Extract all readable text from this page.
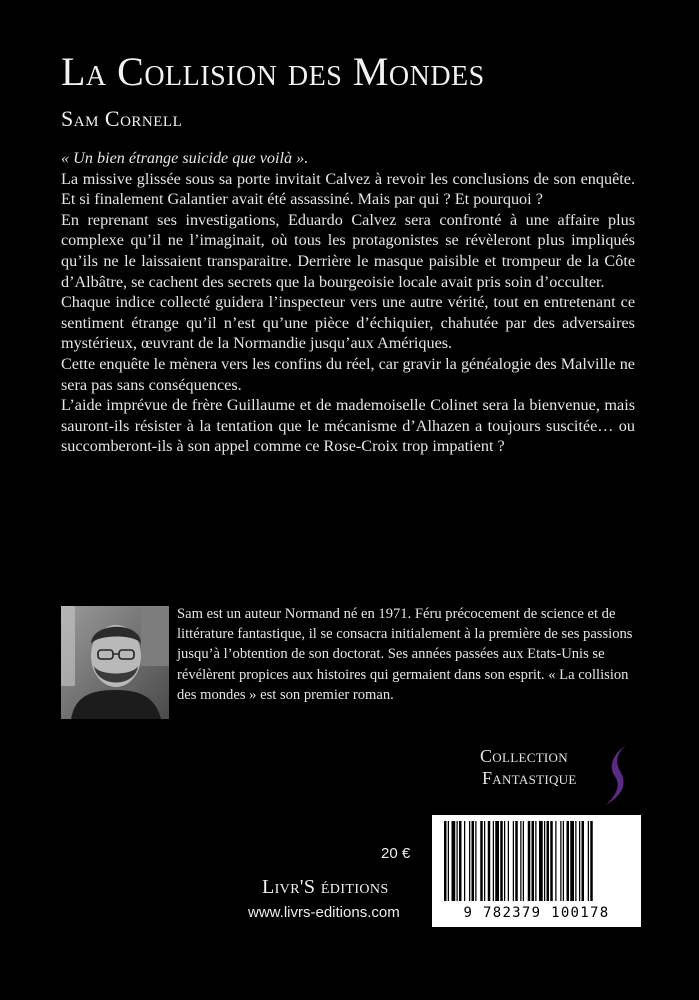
La Collision des Mondes
Sam Cornell

« Un bien étrange suicide que voilà ».

La missive glissée sous sa porte invitait Calvez à revoir les conclusions de son enquête. Et si finalement Galantier avait été assassiné. Mais par qui ? Et pourquoi ?

En reprenant ses investigations, Eduardo Calvez sera confronté à une affaire plus complexe qu’il ne l’imaginait, où tous les protagonistes se révèleront plus impliqués qu’ils ne le laissaient transparaitre. Derrière le masque paisible et trompeur de la Côte d’Albâtre, se cachent des secrets que la bourgeoisie locale avait pris soin d’occulter.

Chaque indice collecté guidera l’inspecteur vers une autre vérité, tout en entretenant ce sentiment étrange qu’il n’est qu’une pièce d’échiquier, chahutée par des adversaires mystérieux, œuvrant de la Normandie jusqu’aux Amériques.

Cette enquête le mènera vers les confins du réel, car gravir la généalogie des Malville ne sera pas sans conséquences.

L’aide imprévue de frère Guillaume et de mademoiselle Colinet sera la bienvenue, mais sauront-ils résister à la tentation que le mécanisme d’Alhazen a toujours suscitée… ou succomberont-ils à son appel comme ce Rose-Croix trop impatient ?

Sam est un auteur Normand né en 1971. Féru précocement de science et de littérature fantastique, il se consacra initialement à la première de ses passions jusqu’à l’obtention de son doctorat. Ses années passées aux Etats-Unis se révélèrent propices aux histoires qui germaient dans son esprit. « La collision des mondes » est son premier roman.
Collection
Fantastique
20 €
Livr'S éditions
www.livrs-editions.com	9 782379 100178
